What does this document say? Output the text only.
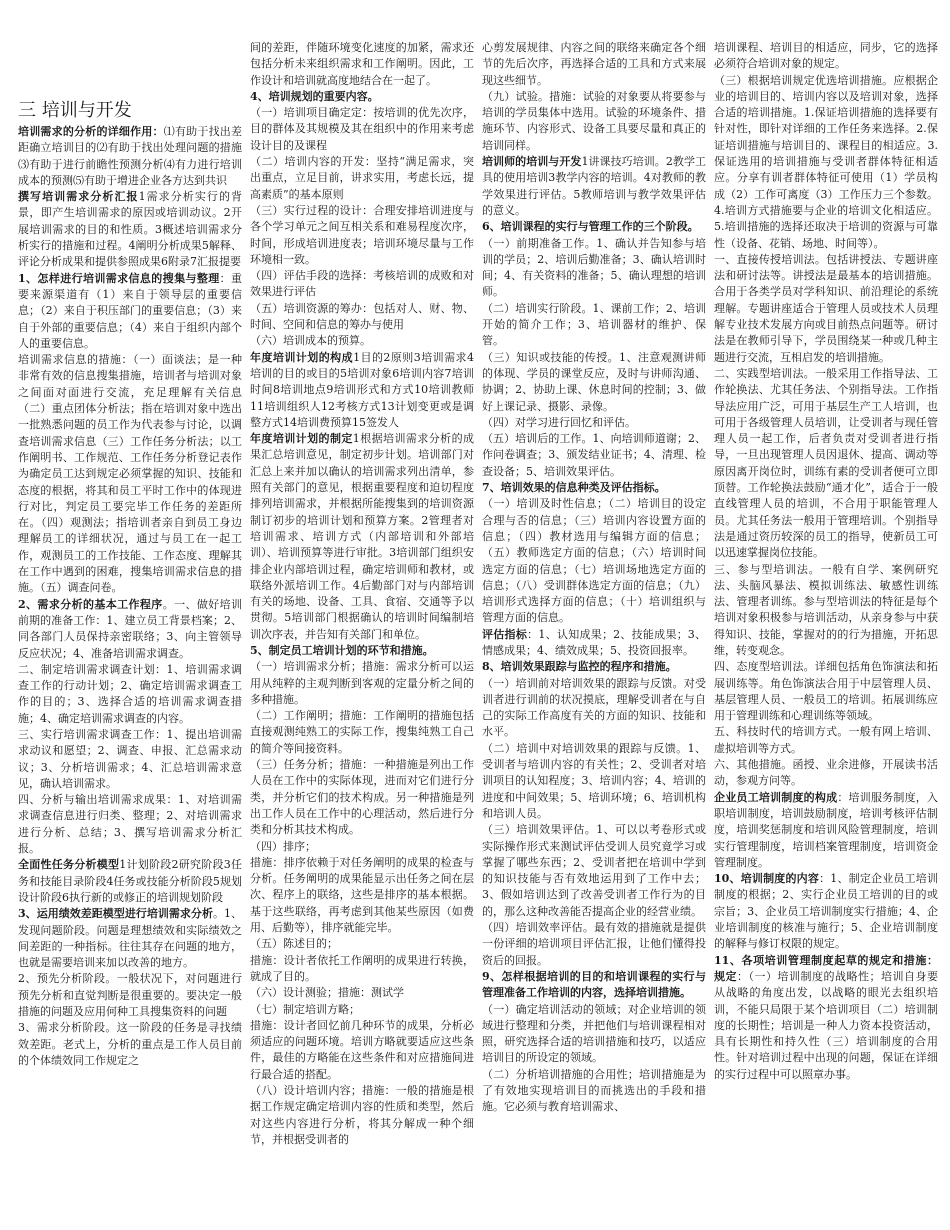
三 培训与开发

培训需求的分析的详细作用：⑴有助于找出差距确立培训目的⑵有助于找出处理问题的措施⑶有助于进行前瞻性预测分析⑷有力进行培训成本的预测⑸有助于增进企业各方达到共识

撰写培训需求分析汇报1需求分析实行的背景，即产生培训需求的原因或培训动议。2开展培训需求的目的和性质。3概述培训需求分析实行的措施和过程。4阐明分析成果5解释、评论分析成果和提供参照成果6附录7汇报提要

1、怎样进行培训需求信息的搜集与整理：重要来源渠道有（1）来自于领导层的重要信息；（2）来自于积压部门的重要信息；（3）来自于外部的重要信息；（4）来自于组织内部个人的重要信息。

培训需求信息的措施：（一）面谈法；是一种非常有效的信息搜集措施，培训者与培训对象之间面对面进行交流，充足理解有关信息（二）重点团体分析法；指在培训对象中选出一批熟悉问题的员工作为代表参与讨论，以调查培训需求信息（三）工作任务分析法；以工作阐明书、工作规范、工作任务分析登记表作为确定员工达到规定必须掌握的知识、技能和态度的根据，将其和员工平时工作中的体现进行对比，判定员工要完毕工作任务的差距所在。（四）观测法；指培训者亲自到员工身边理解员工的详细状况，通过与员工在一起工作，观测员工的工作技能、工作态度、理解其在工作中遇到的困难，搜集培训需求信息的措施。（五）调查问卷。

2、需求分析的基本工作程序。一、做好培训前期的准备工作：1、建立员工背景档案；2、同各部门人员保持亲密联络；3、向主管领导反应状况；4、准备培训需求调查。

二、制定培训需求调查计划：1、培训需求调查工作的行动计划；2、确定培训需求调查工作的目的；3、选择合适的培训需求调查措施；4、确定培训需求调查的内容。

三、实行培训需求调查工作：1、提出培训需求动议和愿望；2、调查、申报、汇总需求动议；3、分析培训需求；4、汇总培训需求意见，确认培训需求。

四、分析与输出培训需求成果：1、对培训需求调查信息进行归类、整理；2、对培训需求进行分析、总结；3、撰写培训需求分析汇报。

全面性任务分析模型1计划阶段2研究阶段3任务和技能目录阶段4任务或技能分析阶段5规划设计阶段6执行新的或修正的培训规划阶段

3、运用绩效差距模型进行培训需求分析。1、发现问题阶段。问题是理想绩效和实际绩效之间差距的一种指标。往往其存在问题的地方，也就是需要培训来加以改善的地方。

2、预先分析阶段。一般状况下，对问题进行预先分析和直觉判断是很重要的。要决定一般措施的问题及应用何种工具搜集资料的问题

3、需求分析阶段。这一阶段的任务是寻找绩效差距。老式上，分析的重点是工作人员目前的个体绩效同工作规定之

间的差距，伴随环境变化速度的加紧，需求还包括分析未来组织需求和工作阐明。因此，工作设计和培训就高度地结合在一起了。

4、培训规划的重要内容。

（一）培训项目确定定：按培训的优先次序，目的群体及其规模及其在组织中的作用来考虑设计目的及课程

（二）培训内容的开发：坚持“满足需求，突出重点，立足目前，讲求实用，考虑长远，提高素质”的基本原则

（三）实行过程的设计：合理安排培训进度与各个学习单元之间互相关系和难易程度次序，时间，形成培训进度表；培训环境尽量与工作环境相一致。

（四）评估手段的选择：考核培训的成败和对效果进行评估

（五）培训资源的筹办：包括对人、财、物、时间、空间和信息的筹办与使用

（六）培训成本的预算。

年度培训计划的构成1目的2原则3培训需求4培训的目的或目的5培训对象6培训内容7培训时间8培训地点9培训形式和方式10培训教师11培训组织人12考核方式13计划变更或是调整方式14培训费预算15签发人

年度培训计划的制定1根据培训需求分析的成果汇总培训意见，制定初步计划。培训部门对汇总上来并加以确认的培训需求列出清单，参照有关部门的意见，根据重要程度和迫切程度排列培训需求，并根据所能搜集到的培训资源制订初步的培训计划和预算方案。2管理者对培训需求、培训方式（内部培训和外部培训）、培训预算等进行审批。3培训部门组织安排企业内部培训过程，确定培训师和教材，或联络外派培训工作。4后勤部门对与内部培训有关的场地、设备、工具、食宿、交通等予以贯彻。5培训部门根据确认的培训时间编制培训次序表，并告知有关部门和单位。

5、制定员工培训计划的环节和措施。

（一）培训需求分析；措施：需求分析可以运用从纯粹的主观判断到客观的定量分析之间的多种措施。

（二）工作阐明；措施：工作阐明的措施包括直接观测纯熟工的实际工作，搜集纯熟工自己的简介等间接资料。

（三）任务分析；措施：一种措施是列出工作人员在工作中的实际体现，进而对它们进行分类，并分析它们的技术构成。另一种措施是列出工作人员在工作中的心理活动，然后进行分类和分析其技术构成。

（四）排序；

措施：排序依赖于对任务阐明的成果的检查与分析。任务阐明的成果能显示出任务之间在层次、程序上的联络，这些是排序的基本根据。基于这些联络，再考虑到其他某些原因（如费用、后勤等），排序就能完毕。

（五）陈述目的；

措施：设计者依托工作阐明的成果进行转换，就成了目的。

（六）设计测验；措施：测试学

（七）制定培训方略；

措施：设计者回忆前几种环节的成果，分析必须适应的问题环境。培训方略就要适应这些条件，最佳的方略能在这些条件和对应措施间进行最合适的搭配。

（八）设计培训内容；措施：一般的措施是根据工作规定确定培训内容的性质和类型，然后对这些内容进行分析，将其分解成一种个细节，并根据受训者的

心剪发展规律、内容之间的联络来确定各个细节的先后次序，再选择合适的工具和方式来展现这些细节。

（九）试验。措施：试验的对象要从将要参与培训的学员集体中选用。试验的环境条件、措施环节、内容形式、设备工具要尽量和真正的培训同样。

培训师的培训与开发1讲课技巧培训。2教学工具的使用培训3教学内容的培训。4对教师的教学效果进行评估。5教师培训与教学效果评估的意义。

6、培训课程的实行与管理工作的三个阶段。

（一）前期准备工作。1、确认并告知参与培训的学员；2、培训后勤准备；3、确认培训时间；4、有关资料的准备；5、确认理想的培训师。

（二）培训实行阶段。1、课前工作；2、培训开始的简介工作；3、培训器材的维护、保管。

（三）知识或技能的传授。1、注意观测讲师的体现、学员的课堂反应，及时与讲师沟通、协调；2、协助上课、休息时间的控制；3、做好上课记录、摄影、录像。

（四）对学习进行回忆和评估。

（五）培训后的工作。1、向培训师道谢；2、作问卷调查；3、颁发结业证书；4、清理、检查设备；5、培训效果评估。

7、培训效果的信息种类及评估指标。

（一）培训及时性信息；（二）培训目的设定合理与否的信息；（三）培训内容设置方面的信息；（四）教材选用与编辑方面的信息；（五）教师选定方面的信息；（六）培训时间选定方面的信息；（七）培训场地选定方面的信息；（八）受训群体选定方面的信息；（九）培训形式选择方面的信息；（十）培训组织与管理方面的信息。

评估指标：1、认知成果；2、技能成果；3、情感成果；4、绩效成果；5、投资回报率。

8、培训效果跟踪与监控的程序和措施。

（一）培训前对培训效果的跟踪与反馈。对受训者进行训前的状况摸底，理解受训者在与自己的实际工作高度有关的方面的知识、技能和水平。

（二）培训中对培训效果的跟踪与反馈。1、受训者与培训内容的有关性；2、受训者对培训项目的认知程度；3、培训内容；4、培训的进度和中间效果；5、培训环境；6、培训机构和培训人员。

（三）培训效果评估。1、可以以考卷形式或实际操作形式来测试评估受训人员究竟学习或掌握了哪些东西；2、受训者把在培训中学到的知识技能与否有效地运用到了工作中去；3、假如培训达到了改善受训者工作行为的目的，那么这种改善能否提高企业的经营业绩。

（四）培训效率评估。最有效的措施就是提供一份评细的培训项目评估汇报，让他们懂得投资后的回报。

9、怎样根据培训的目的和培训课程的实行与管理准备工作培训的内容，选择培训措施。

（一）确定培训活动的领域；对企业培训的领域进行整理和分类，并把他们与培训课程相对照，研究选择合适的培训措施和技巧，以适应培训目的所设定的领域。

（二）分析培训措施的合用性；培训措施是为了有效地实现培训目的而挑选出的手段和措施。它必须与教育培训需求、

培训课程、培训目的相适应，同步，它的选择必须符合培训对象的规定。

（三）根据培训规定优选培训措施。应根据企业的培训目的、培训内容以及培训对象，选择合适的培训措施。1.保证培训措施的选择要有针对性，即针对详细的工作任务来选择。2.保证培训措施与培训目的、课程目的相适应。3.保证选用的培训措施与受训者群体特征相适应。分享有训者群体特征可使用（1）学员构成（2）工作可离度（3）工作压力三个参数。4.培训方式措施要与企业的培训文化相适应。5.培训措施的选择还取决于培训的资源与可靠性（设备、花销、场地、时间等）。

一、直接传授培训法。包括讲授法、专题讲座法和研讨法等。讲授法是最基本的培训措施。合用于各类学员对学科知识、前沿理论的系统理解。专题讲座适合于管理人员或技术人员理解专业技术发展方向或目前热点问题等。研讨法是在教师引导下，学员围绕某一种或几种主题进行交流，互相启发的培训措施。

二、实践型培训法。一般采用工作指导法、工作轮换法、尤其任务法、个别指导法。工作指导法应用广泛，可用于基层生产工人培训，也可用于各级管理人员培训，让受训者与现任管理人员一起工作，后者负责对受训者进行指导，一旦出现管理人员因退休、提高、调动等原因离开岗位时，训练有素的受训者便可立即顶替。工作轮换法鼓励“通才化”，适合于一般直线管理人员的培训，不合用于职能管理人员。尤其任务法一般用于管理培训。个别指导法是通过资历较深的员工的指导，使新员工可以迅速掌握岗位技能。

三、参与型培训法。一般有自学、案例研究法、头脑风暴法、模拟训练法、敏感性训练法、管理者训练。参与型培训法的特征是每个培训对象积极参与培训活动，从亲身参与中获得知识、技能，掌握对的的行为措施，开拓思维，转变观念。

四、态度型培训法。详细包括角色饰演法和拓展训练等。角色饰演法合用于中层管理人员、基层管理人员、一般员工的培训。拓展训练应用于管理训练和心理训练等领域。

五、科技时代的培训方式。一般有网上培训、虚拟培训等方式。

六、其他措施。函授、业余进修，开展读书活动，参观方问等。

企业员工培训制度的构成：培训服务制度，入职培训制度，培训鼓励制度，培训考核评估制度，培训奖惩制度和培训风险管理制度，培训实行管理制度，培训档案管理制度，培训资金管理制度。

10、培训制度的内容：1、制定企业员工培训制度的根据；2、实行企业员工培训的目的或宗旨；3、企业员工培训制度实行措施；4、企业培训制度的核准与施行；5、企业培训制度的解释与修订权限的规定。

11、各项培训管理制度起草的规定和措施：规定：（一）培训制度的战略性；培训自身要从战略的角度出发，以战略的眼光去组织培训，不能只局限于某个培训项目（二）培训制度的长期性；培训是一种人力资本投资活动，具有长期性和持久性（三）培训制度的合用性。针对培训过程中出现的问题，保证在详细的实行过程中可以照章办事。
